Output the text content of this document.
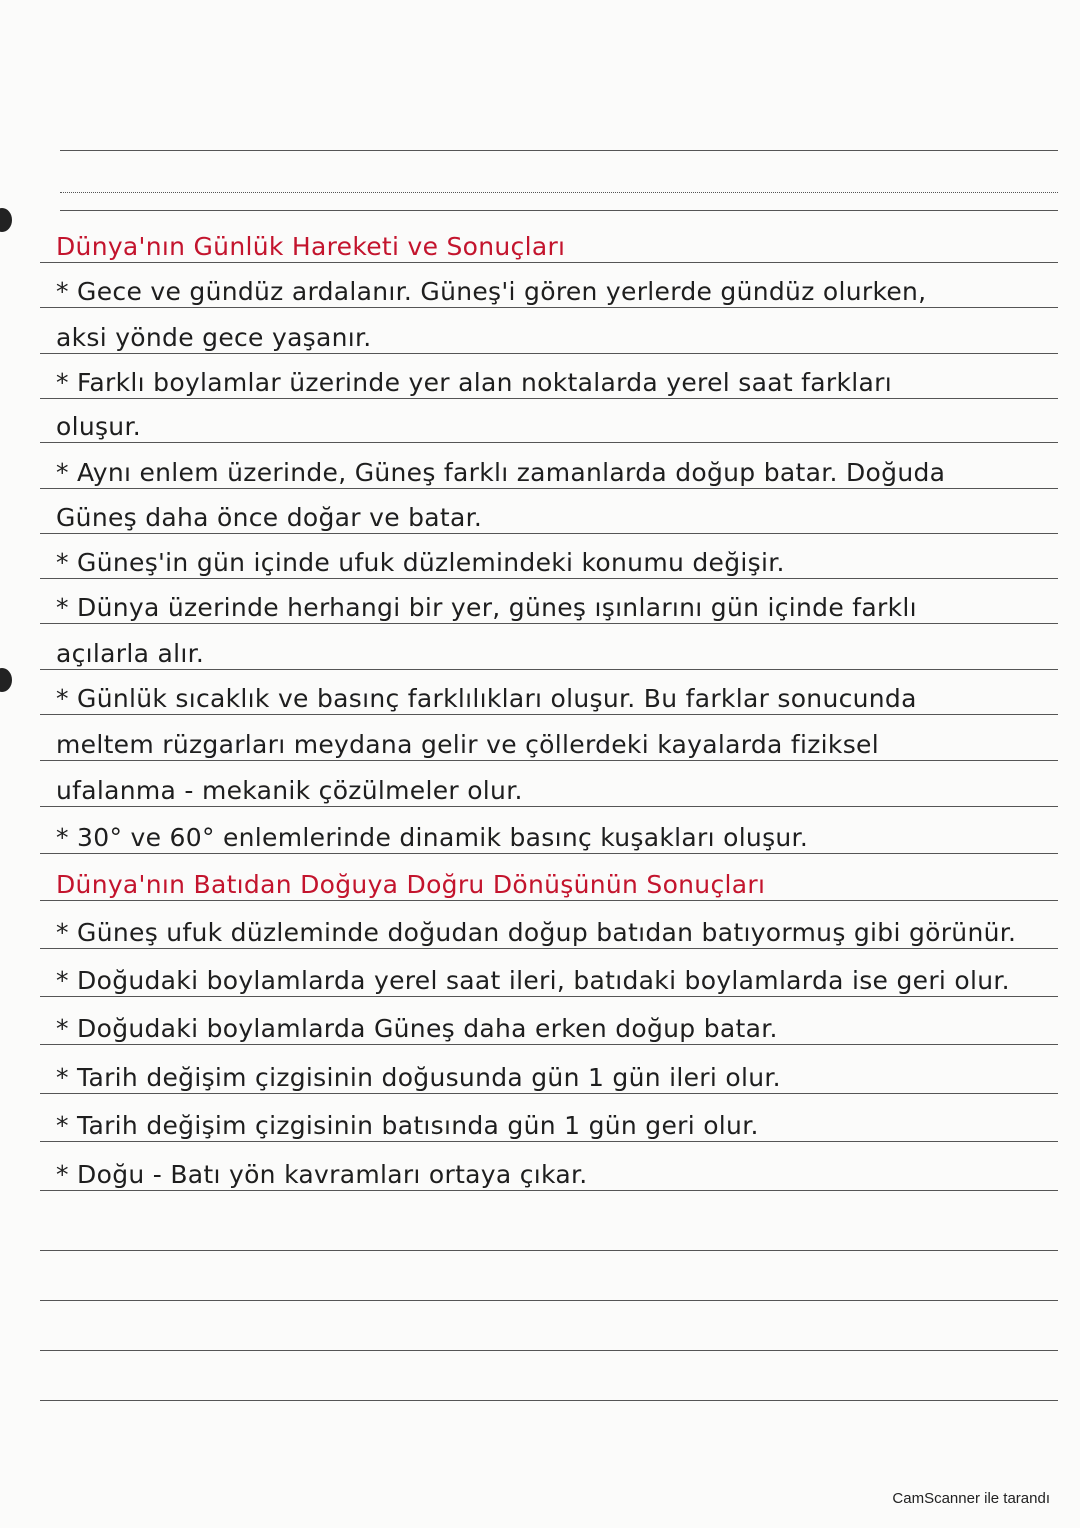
Dünya'nın Günlük Hareketi ve Sonuçları
* Gece ve gündüz ardalanır. Güneş'i gören yerlerde gündüz olurken,
aksi yönde gece yaşanır.
* Farklı boylamlar üzerinde yer alan noktalarda yerel saat farkları
oluşur.
* Aynı enlem üzerinde, Güneş farklı zamanlarda doğup batar. Doğuda
Güneş daha önce doğar ve batar.
* Güneş'in gün içinde ufuk düzlemindeki konumu değişir.
* Dünya üzerinde herhangi bir yer, güneş ışınlarını gün içinde farklı
açılarla alır.
* Günlük sıcaklık ve basınç farklılıkları oluşur. Bu farklar sonucunda
meltem rüzgarları meydana gelir ve çöllerdeki kayalarda fiziksel
ufalanma - mekanik çözülmeler olur.
* 30° ve 60° enlemlerinde dinamik basınç kuşakları oluşur.
Dünya'nın Batıdan Doğuya Doğru Dönüşünün Sonuçları
* Güneş ufuk düzleminde doğudan doğup batıdan batıyormuş gibi görünür.
* Doğudaki boylamlarda yerel saat ileri, batıdaki boylamlarda ise geri olur.
* Doğudaki boylamlarda Güneş daha erken doğup batar.
* Tarih değişim çizgisinin doğusunda gün 1 gün ileri olur.
* Tarih değişim çizgisinin batısında gün 1 gün geri olur.
* Doğu - Batı yön kavramları ortaya çıkar.
CamScanner ile tarandı
